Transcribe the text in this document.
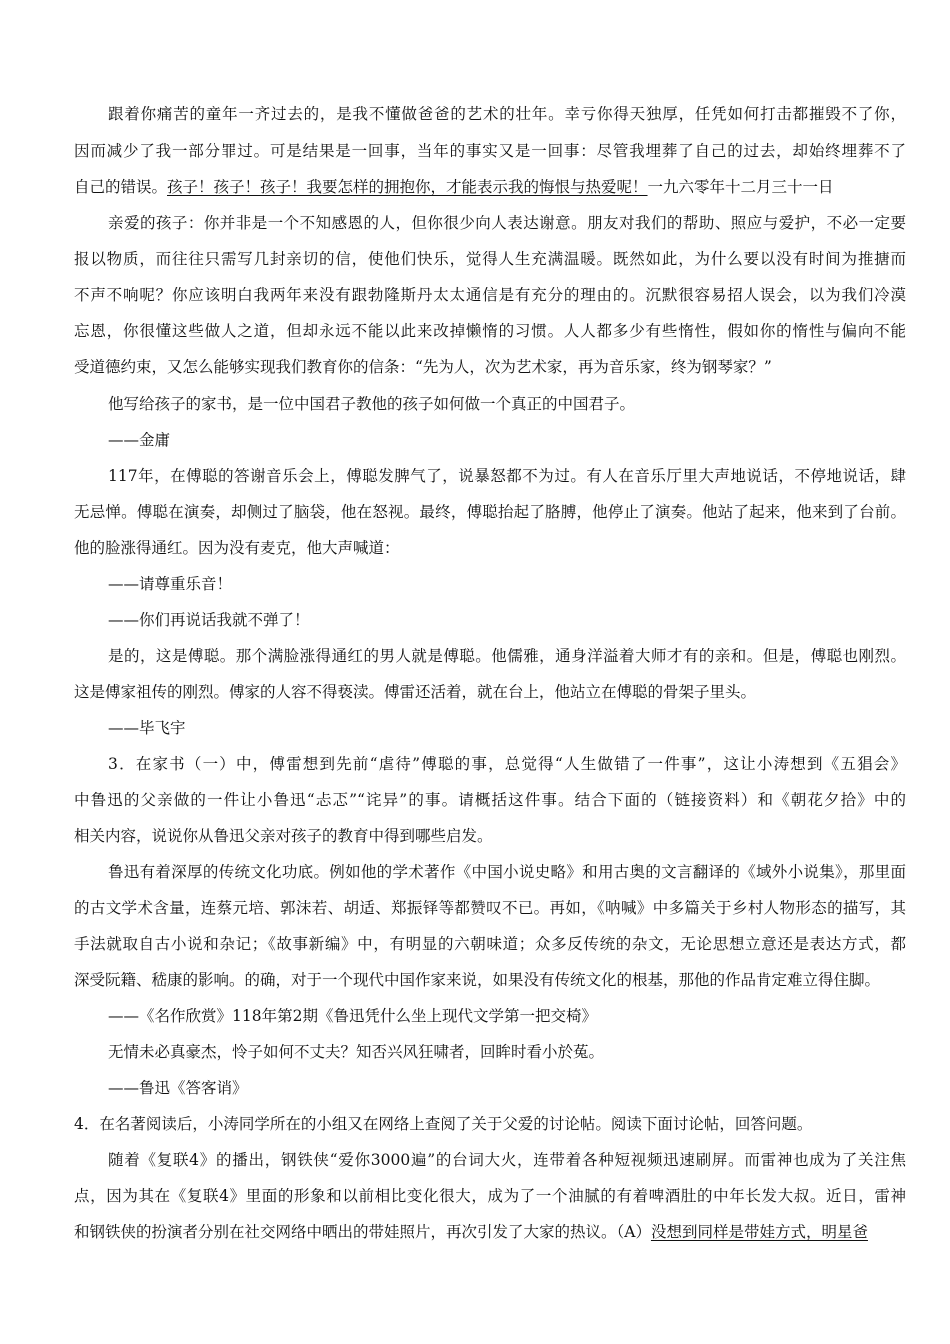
跟着你痛苦的童年一齐过去的，是我不懂做爸爸的艺术的壮年。幸亏你得天独厚，任凭如何打击都摧毁不了你，
因而减少了我一部分罪过。可是结果是一回事，当年的事实又是一回事：尽管我埋葬了自己的过去，却始终埋葬不了
自己的错误。孩子！孩子！孩子！我要怎样的拥抱你，才能表示我的悔恨与热爱呢！一九六零年十二月三十一日
亲爱的孩子：你并非是一个不知感恩的人，但你很少向人表达谢意。朋友对我们的帮助、照应与爱护，不必一定要
报以物质，而往往只需写几封亲切的信，使他们快乐，觉得人生充满温暖。既然如此，为什么要以没有时间为推搪而
不声不响呢？你应该明白我两年来没有跟勃隆斯丹太太通信是有充分的理由的。沉默很容易招人误会，以为我们冷漠
忘恩，你很懂这些做人之道，但却永远不能以此来改掉懒惰的习惯。人人都多少有些惰性，假如你的惰性与偏向不能
受道德约束，又怎么能够实现我们教育你的信条：“先为人，次为艺术家，再为音乐家，终为钢琴家？”
他写给孩子的家书，是一位中国君子教他的孩子如何做一个真正的中国君子。
——金庸
117年，在傅聪的答谢音乐会上，傅聪发脾气了，说暴怒都不为过。有人在音乐厅里大声地说话，不停地说话，肆
无忌惮。傅聪在演奏，却侧过了脑袋，他在怒视。最终，傅聪抬起了胳膊，他停止了演奏。他站了起来，他来到了台前。
他的脸涨得通红。因为没有麦克，他大声喊道：
——请尊重乐音！
——你们再说话我就不弹了！
是的，这是傅聪。那个满脸涨得通红的男人就是傅聪。他儒雅，通身洋溢着大师才有的亲和。但是，傅聪也刚烈。
这是傅家祖传的刚烈。傅家的人容不得亵渎。傅雷还活着，就在台上，他站立在傅聪的骨架子里头。
——毕飞宇
3．在家书（一）中，傅雷想到先前“虐待”傅聪的事，总觉得“人生做错了一件事”，这让小涛想到《五猖会》
中鲁迅的父亲做的一件让小鲁迅“忐忑”“诧异”的事。请概括这件事。结合下面的（链接资料）和《朝花夕拾》中的
相关内容，说说你从鲁迅父亲对孩子的教育中得到哪些启发。
鲁迅有着深厚的传统文化功底。例如他的学术著作《中国小说史略》和用古奥的文言翻译的《域外小说集》，那里面
的古文学术含量，连蔡元培、郭沫若、胡适、郑振铎等都赞叹不已。再如，《呐喊》中多篇关于乡村人物形态的描写，其
手法就取自古小说和杂记；《故事新编》中，有明显的六朝味道；众多反传统的杂文，无论思想立意还是表达方式，都
深受阮籍、嵇康的影响。的确，对于一个现代中国作家来说，如果没有传统文化的根基，那他的作品肯定难立得住脚。
——《名作欣赏》118年第2期《鲁迅凭什么坐上现代文学第一把交椅》
无情未必真豪杰，怜子如何不丈夫？知否兴风狂啸者，回眸时看小於菟。
——鲁迅《答客诮》
4．在名著阅读后，小涛同学所在的小组又在网络上查阅了关于父爱的讨论帖。阅读下面讨论帖，回答问题。
随着《复联4》的播出，钢铁侠“爱你3000遍”的台词大火，连带着各种短视频迅速刷屏。而雷神也成为了关注焦
点，因为其在《复联4》里面的形象和以前相比变化很大，成为了一个油腻的有着啤酒肚的中年长发大叔。近日，雷神
和钢铁侠的扮演者分别在社交网络中晒出的带娃照片，再次引发了大家的热议。（A）没想到同样是带娃方式，明星爸
